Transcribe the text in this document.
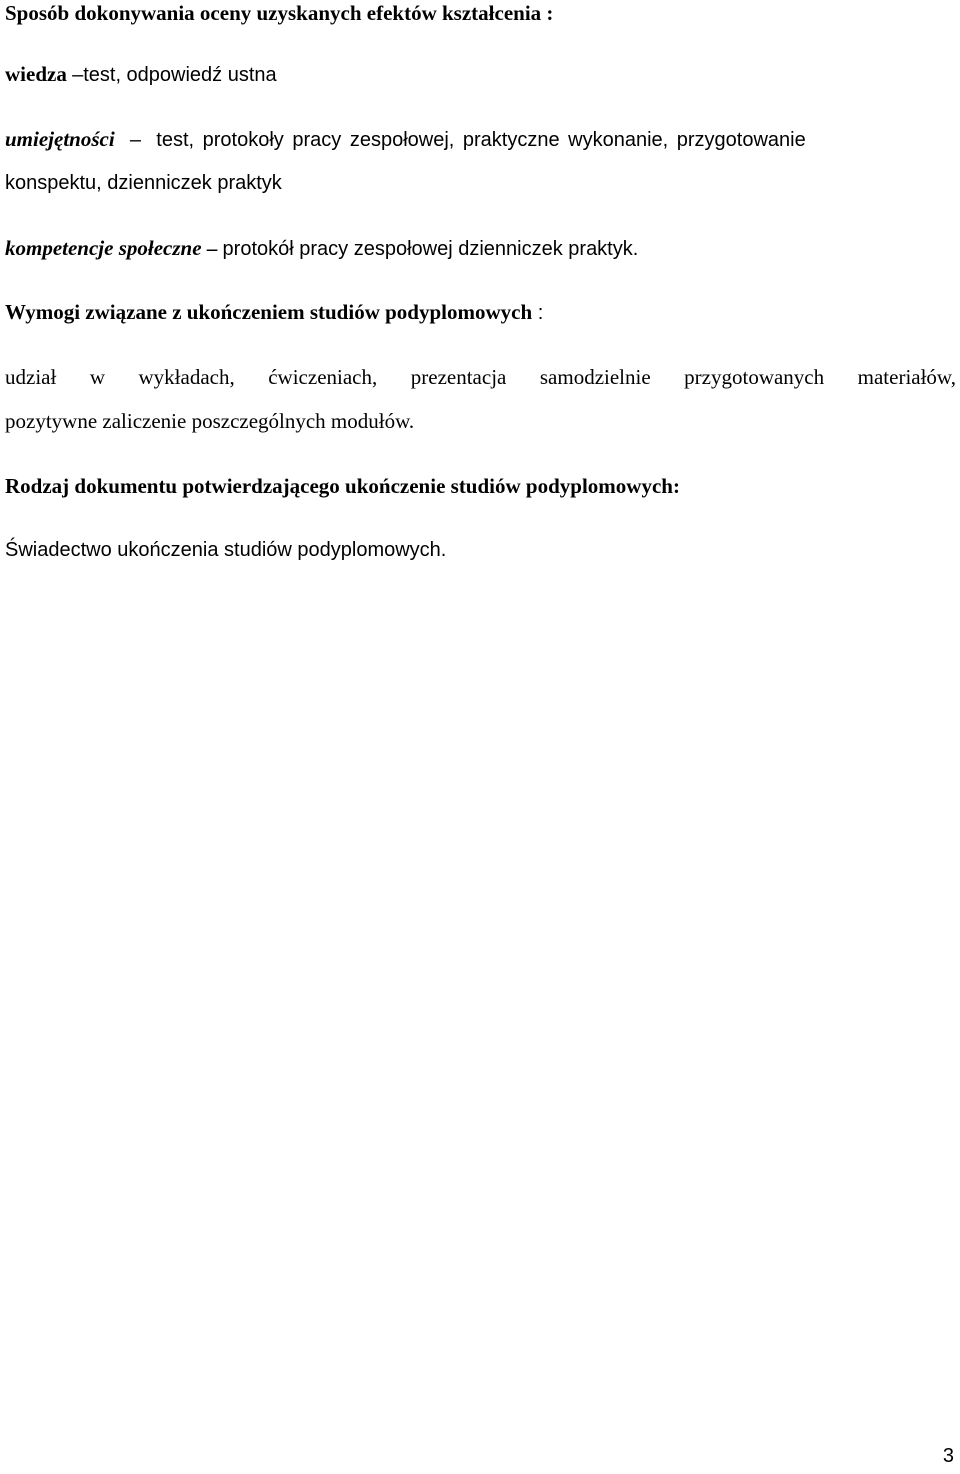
Sposób dokonywania oceny uzyskanych efektów kształcenia :
wiedza –test, odpowiedź ustna
umiejętności – test, protokoły pracy zespołowej, praktyczne wykonanie, przygotowanie
konspektu, dzienniczek praktyk
kompetencje społeczne – protokół pracy zespołowej dzienniczek praktyk.
Wymogi związane z ukończeniem studiów podyplomowych :
udział w wykładach, ćwiczeniach, prezentacja samodzielnie przygotowanych materiałów,
pozytywne zaliczenie poszczególnych modułów.
Rodzaj dokumentu potwierdzającego ukończenie studiów podyplomowych:
Świadectwo ukończenia studiów podyplomowych.
3
